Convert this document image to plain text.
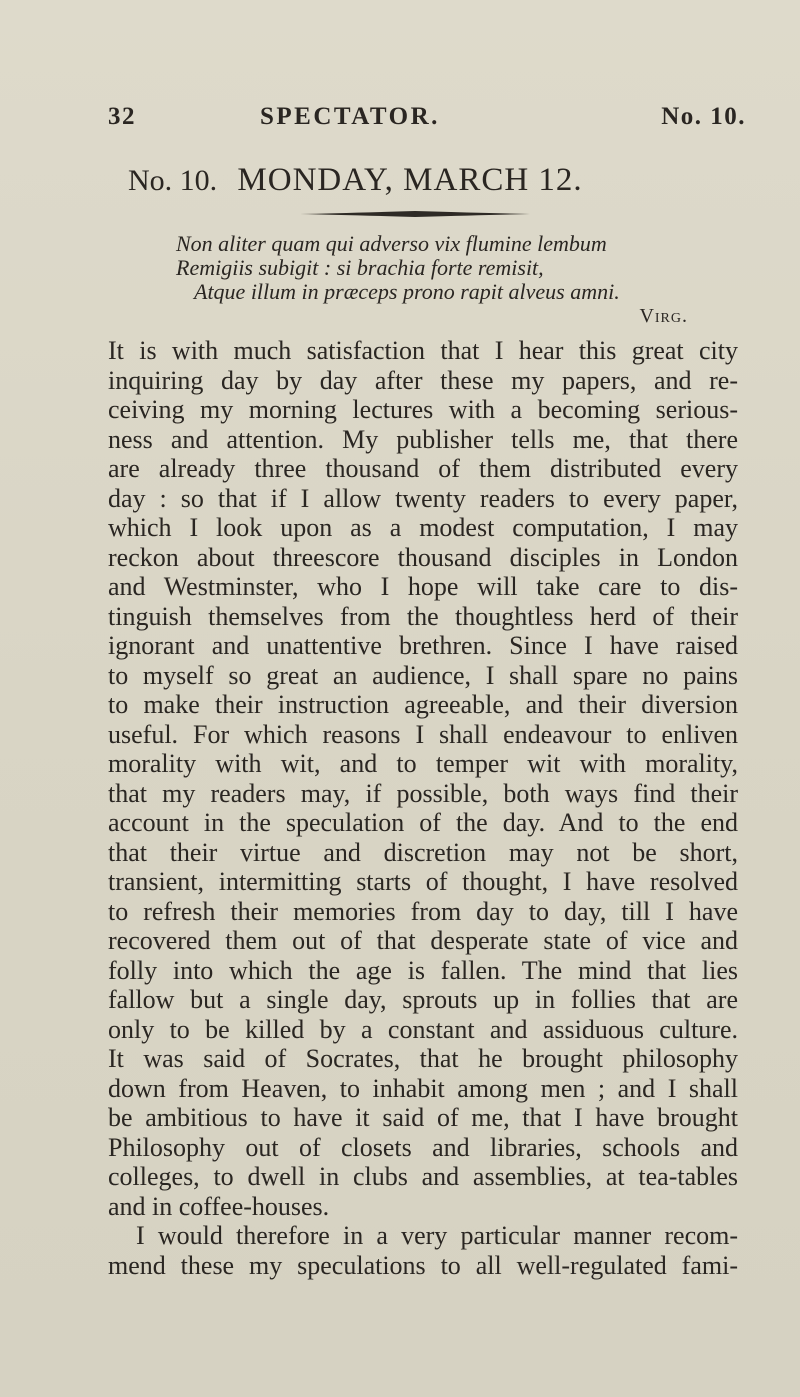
32	SPECTATOR.	No. 10.
No. 10. MONDAY, MARCH 12.
Non aliter quam qui adverso vix flumine lembum
Remigiis subigit : si brachia forte remisit,
Atque illum in præceps prono rapit alveus amni.
Virg.
It is with much satisfaction that I hear this great city
inquiring day by day after these my papers, and re-
ceiving my morning lectures with a becoming serious-
ness and attention. My publisher tells me, that there
are already three thousand of them distributed every
day : so that if I allow twenty readers to every paper,
which I look upon as a modest computation, I may
reckon about threescore thousand disciples in London
and Westminster, who I hope will take care to dis-
tinguish themselves from the thoughtless herd of their
ignorant and unattentive brethren. Since I have raised
to myself so great an audience, I shall spare no pains
to make their instruction agreeable, and their diversion
useful. For which reasons I shall endeavour to enliven
morality with wit, and to temper wit with morality,
that my readers may, if possible, both ways find their
account in the speculation of the day. And to the end
that their virtue and discretion may not be short,
transient, intermitting starts of thought, I have resolved
to refresh their memories from day to day, till I have
recovered them out of that desperate state of vice and
folly into which the age is fallen. The mind that lies
fallow but a single day, sprouts up in follies that are
only to be killed by a constant and assiduous culture.
It was said of Socrates, that he brought philosophy
down from Heaven, to inhabit among men ; and I shall
be ambitious to have it said of me, that I have brought
Philosophy out of closets and libraries, schools and
colleges, to dwell in clubs and assemblies, at tea-tables
and in coffee-houses.
I would therefore in a very particular manner recom-
mend these my speculations to all well-regulated fami-
